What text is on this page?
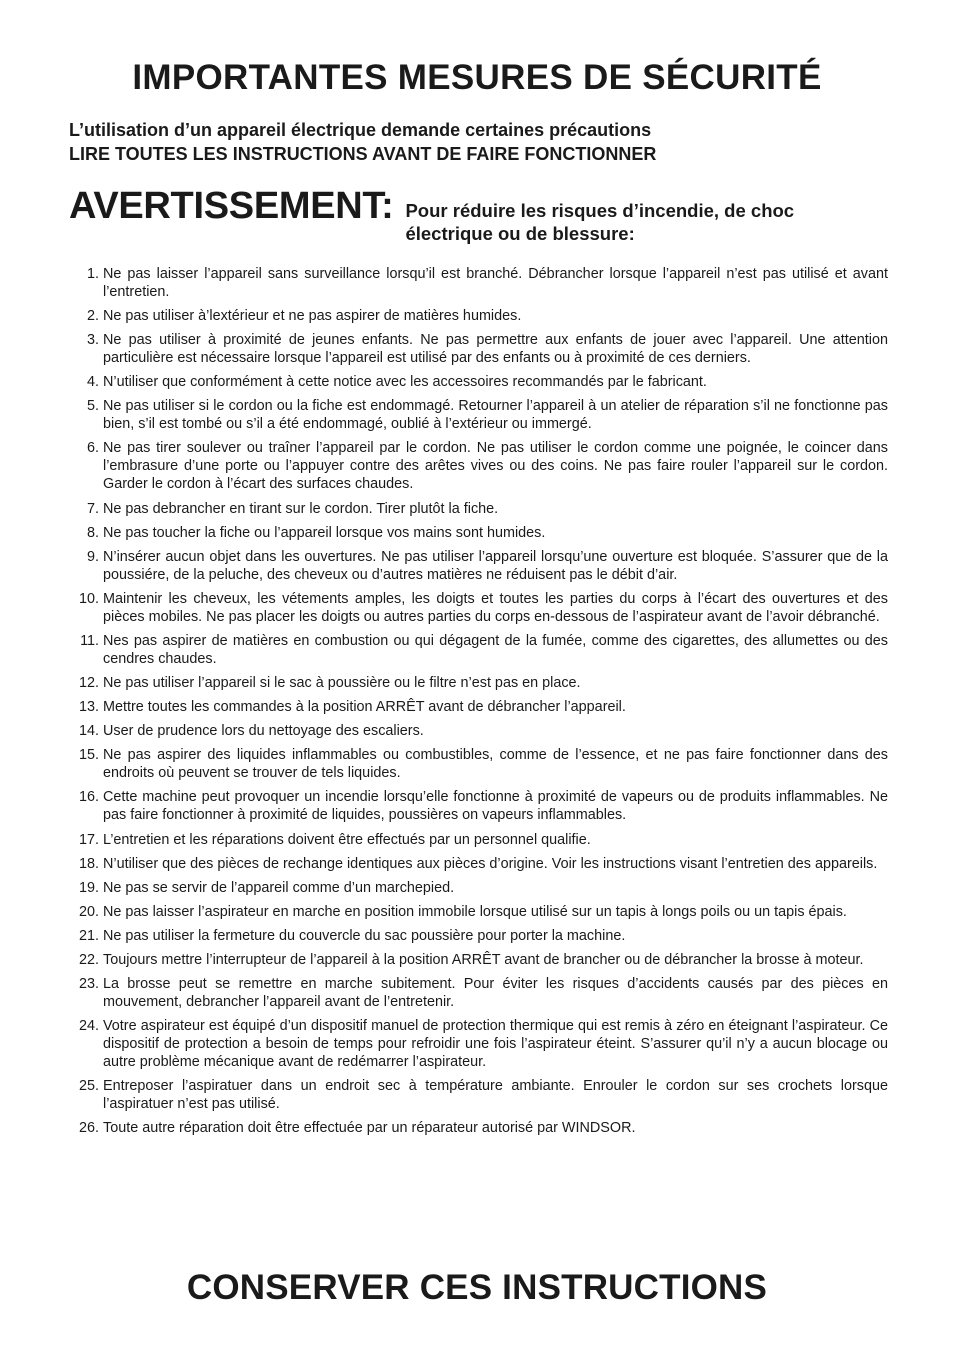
IMPORTANTES MESURES DE SÉCURITÉ

L’utilisation d’un appareil électrique demande certaines précautions

LIRE TOUTES LES INSTRUCTIONS AVANT DE FAIRE FONCTIONNER

AVERTISSEMENT: Pour réduire les risques d’incendie, de choc électrique ou de blessure:
1. Ne pas laisser l’appareil sans surveillance lorsqu’il est branché. Débrancher lorsque l’appareil n’est pas utilisé et avant l’entretien.
2. Ne pas utiliser à’lextérieur et ne pas aspirer de matières humides.
3. Ne pas utiliser à proximité de jeunes enfants. Ne pas permettre aux enfants de jouer avec l’appareil. Une attention particulière est nécessaire lorsque l’appareil est utilisé par des enfants ou à proximité de ces derniers.
4. N’utiliser que conformément à cette notice avec les accessoires recommandés par le fabricant.
5. Ne pas utiliser si le cordon ou la fiche est endommagé. Retourner l’appareil à un atelier de réparation s’il ne fonctionne pas bien, s’il est tombé ou s’il a été endommagé, oublié à l’extérieur ou immergé.
6. Ne pas tirer soulever ou traîner l’appareil par le cordon. Ne pas utiliser le cordon comme une poignée, le coincer dans l’embrasure d’une porte ou l’appuyer contre des arêtes vives ou des coins. Ne pas faire rouler l’appareil sur le cordon. Garder le cordon à l’écart des surfaces chaudes.
7. Ne pas debrancher en tirant sur le cordon. Tirer plutôt la fiche.
8. Ne pas toucher la fiche ou l’appareil lorsque vos mains sont humides.
9. N’insérer aucun objet dans les ouvertures. Ne pas utiliser l’appareil lorsqu’une ouverture est bloquée. S’assurer que de la poussiére, de la peluche, des cheveux ou d’autres matières ne réduisent pas le débit d’air.
10. Maintenir les cheveux, les vétements amples, les doigts et toutes les parties du corps à l’écart des ouvertures et des pièces mobiles. Ne pas placer les doigts ou autres parties du corps en-dessous de l’aspirateur avant de l’avoir débranché.
11. Nes pas aspirer de matières en combustion ou qui dégagent de la fumée, comme des cigarettes, des allumettes ou des cendres chaudes.
12. Ne pas utiliser l’appareil si le sac à poussière ou le filtre n’est pas en place.
13. Mettre toutes les commandes à la position ARRÊT avant de débrancher l’appareil.
14. User de prudence lors du nettoyage des escaliers.
15. Ne pas aspirer des liquides inflammables ou combustibles, comme de l’essence, et ne pas faire fonctionner dans des endroits où peuvent se trouver de tels liquides.
16. Cette machine peut provoquer un incendie lorsqu’elle fonctionne à proximité de vapeurs ou de produits inflammables. Ne pas faire fonctionner à proximité de liquides, poussières on vapeurs inflammables.
17. L’entretien et les réparations doivent être effectués par un personnel qualifie.
18. N’utiliser que des pièces de rechange identiques aux pièces d’origine. Voir les instructions visant l’entretien des appareils.
19. Ne pas se servir de l’appareil comme d’un marchepied.
20. Ne pas laisser l’aspirateur en marche en position immobile lorsque utilisé sur un tapis à longs poils ou un tapis épais.
21. Ne pas utiliser la fermeture du couvercle du sac poussière pour porter la machine.
22. Toujours mettre l’interrupteur de l’appareil à la position ARRÊT avant de brancher ou de débrancher la brosse à moteur.
23. La brosse peut se remettre en marche subitement. Pour éviter les risques d’accidents causés par des pièces en mouvement, debrancher l’appareil avant de l’entretenir.
24. Votre aspirateur est équipé d’un dispositif manuel de protection thermique qui est remis à zéro en éteignant l’aspirateur. Ce dispositif de protection a besoin de temps pour refroidir une fois l’aspirateur éteint. S’assurer qu’il n’y a aucun blocage ou autre problème mécanique avant de redémarrer l’aspirateur.
25. Entreposer l’aspiratuer dans un endroit sec à température ambiante. Enrouler le cordon sur ses crochets lorsque l’aspiratuer n’est pas utilisé.
26. Toute autre réparation doit être effectuée par un réparateur autorisé par WINDSOR.
CONSERVER CES INSTRUCTIONS
